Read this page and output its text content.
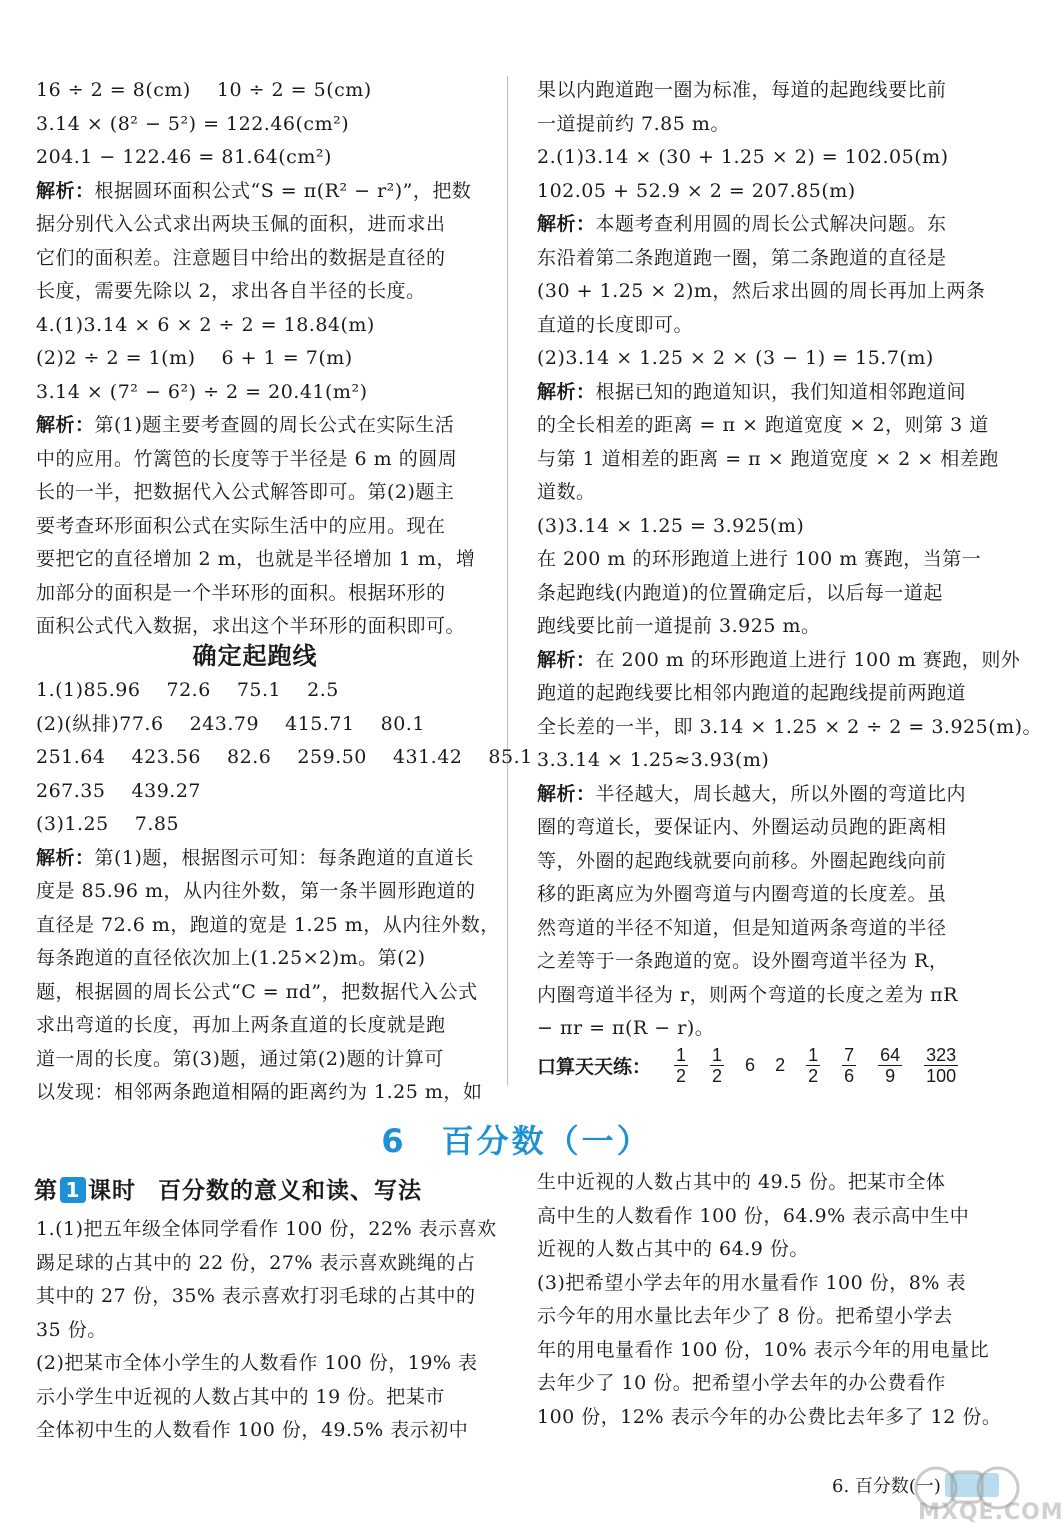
16 ÷ 2 = 8(cm)　 10 ÷ 2 = 5(cm)

3.14 × (8² − 5²) = 122.46(cm²)

204.1 − 122.46 = 81.64(cm²)

解析：根据圆环面积公式“S = π(R² − r²)”，把数

据分别代入公式求出两块玉佩的面积，进而求出

它们的面积差。注意题目中给出的数据是直径的

长度，需要先除以 2，求出各自半径的长度。

4.(1)3.14 × 6 × 2 ÷ 2 = 18.84(m)

(2)2 ÷ 2 = 1(m)　 6 + 1 = 7(m)

3.14 × (7² − 6²) ÷ 2 = 20.41(m²)

解析：第(1)题主要考查圆的周长公式在实际生活

中的应用。竹篱笆的长度等于半径是 6 m 的圆周

长的一半，把数据代入公式解答即可。第(2)题主

要考查环形面积公式在实际生活中的应用。现在

要把它的直径增加 2 m，也就是半径增加 1 m，增

加部分的面积是一个半环形的面积。根据环形的

面积公式代入数据，求出这个半环形的面积即可。

确定起跑线

1.(1)85.96　 72.6　 75.1　 2.5

(2)(纵排)77.6　 243.79　 415.71　 80.1

251.64　 423.56　 82.6　 259.50　 431.42　 85.1

267.35　 439.27

(3)1.25　 7.85

解析：第(1)题，根据图示可知：每条跑道的直道长

度是 85.96 m，从内往外数，第一条半圆形跑道的

直径是 72.6 m，跑道的宽是 1.25 m，从内往外数，

每条跑道的直径依次加上(1.25×2)m。第(2)

题，根据圆的周长公式“C = πd”，把数据代入公式

求出弯道的长度，再加上两条直道的长度就是跑

道一周的长度。第(3)题，通过第(2)题的计算可

以发现：相邻两条跑道相隔的距离约为 1.25 m，如

果以内跑道跑一圈为标准，每道的起跑线要比前

一道提前约 7.85 m。

2.(1)3.14 × (30 + 1.25 × 2) = 102.05(m)

102.05 + 52.9 × 2 = 207.85(m)

解析：本题考查利用圆的周长公式解决问题。东

东沿着第二条跑道跑一圈，第二条跑道的直径是

(30 + 1.25 × 2)m，然后求出圆的周长再加上两条

直道的长度即可。

(2)3.14 × 1.25 × 2 × (3 − 1) = 15.7(m)

解析：根据已知的跑道知识，我们知道相邻跑道间

的全长相差的距离 = π × 跑道宽度 × 2，则第 3 道

与第 1 道相差的距离 = π × 跑道宽度 × 2 × 相差跑

道数。

(3)3.14 × 1.25 = 3.925(m)

在 200 m 的环形跑道上进行 100 m 赛跑，当第一

条起跑线(内跑道)的位置确定后，以后每一道起

跑线要比前一道提前 3.925 m。

解析：在 200 m 的环形跑道上进行 100 m 赛跑，则外

跑道的起跑线要比相邻内跑道的起跑线提前两跑道

全长差的一半，即 3.14 × 1.25 × 2 ÷ 2 = 3.925(m)。

3.3.14 × 1.25≈3.93(m)

解析：半径越大，周长越大，所以外圈的弯道比内

圈的弯道长，要保证内、外圈运动员跑的距离相

等，外圈的起跑线就要向前移。外圈起跑线向前

移的距离应为外圈弯道与内圈弯道的长度差。虽

然弯道的半径不知道，但是知道两条弯道的半径

之差等于一条跑道的宽。设外圈弯道半径为 R，

内圈弯道半径为 r，则两个弯道的长度之差为 πR

− πr = π(R − r)。

口算天天练： $\frac{1}{2} \frac{1}{2} 6$ $2 \frac{1}{2} \frac{7}{6} \frac{64}{9} \frac{323}{100}$
6　百分数（一）
第 1 课时 百分数的意义和读、写法

1.(1)把五年级全体同学看作 100 份，22% 表示喜欢

踢足球的占其中的 22 份，27% 表示喜欢跳绳的占

其中的 27 份，35% 表示喜欢打羽毛球的占其中的

35 份。

(2)把某市全体小学生的人数看作 100 份，19% 表

示小学生中近视的人数占其中的 19 份。把某市

全体初中生的人数看作 100 份，49.5% 表示初中

生中近视的人数占其中的 49.5 份。把某市全体

高中生的人数看作 100 份，64.9% 表示高中生中

近视的人数占其中的 64.9 份。

(3)把希望小学去年的用水量看作 100 份，8% 表

示今年的用水量比去年少了 8 份。把希望小学去

年的用电量看作 100 份，10% 表示今年的用电量比

去年少了 10 份。把希望小学去年的办公费看作

100 份，12% 表示今年的办公费比去年多了 12 份。

6. 百分数(一)
MXQE.COM
